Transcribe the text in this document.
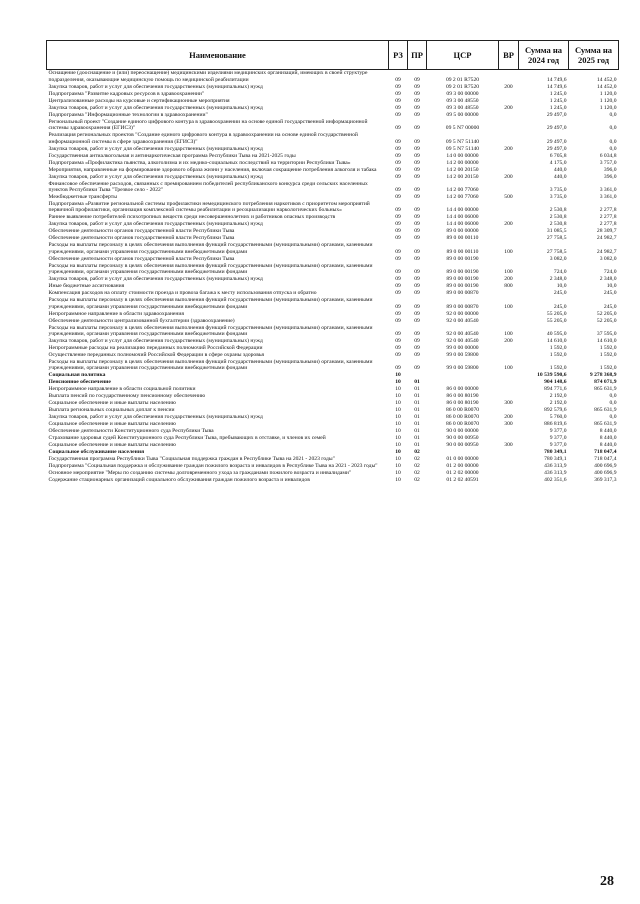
Наименование	РЗ	ПР	ЦСР	ВР	Сумма на 2024 год	Сумма на 2025 год
Оснащение (дооснащение и (или) переоснащение) медицинскими изделиями медицинских организаций, имеющих в своей структуре подразделения, оказывающие медицинскую помощь по медицинской реабилитации	09	09	09 2 01 R7520		14 749,6	14 452,0
Закупка товаров, работ и услуг для обеспечения государственных (муниципальных) нужд	09	09	09 2 01 R7520	200	14 749,6	14 452,0
Подпрограмма "Развитие кадровых ресурсов в здравоохранении"	09	09	09 3 00 00000		1 245,0	1 120,0
Централизованные расходы на курсовые и сертификационные мероприятия	09	09	09 3 00 48550		1 245,0	1 120,0
Закупка товаров, работ и услуг для обеспечения государственных (муниципальных) нужд	09	09	09 3 00 48550	200	1 245,0	1 120,0
Подпрограмма "Информационные технологии в здравоохранении"	09	09	09 5 00 00000		29 497,0	0,0
Региональный проект "Создание единого цифрового контура в здравоохранении на основе единой государственной информационной системы здравоохранения (ЕГИСЗ)"	09	09	09 5 N7 00000		29 497,0	0,0
Реализация региональных проектов "Создание единого цифрового контура в здравоохранении на основе единой государственной информационной системы в сфере здравоохранения (ЕГИСЗ)"	09	09	09 5 N7 51140		29 497,0	0,0
Закупка товаров, работ и услуг для обеспечения государственных (муниципальных) нужд	09	09	09 5 N7 51140	200	29 497,0	0,0
Государственная антиалкогольная и антинаркотическая программа Республики Тыва на 2021-2025 годы	09	09	14 0 00 00000		6 705,8	6 034,8
Подпрограмма «Профилактика пьянства, алкоголизма и их медико-социальных последствий на территории Республики Тыва»	09	09	14 2 00 00000		4 175,0	3 757,0
Мероприятия, направленные на формирование здорового образа жизни у населения, включая сокращение потребления алкоголя и табака	09	09	14 2 00 20150		440,0	396,0
Закупка товаров, работ и услуг для обеспечения государственных (муниципальных) нужд	09	09	14 2 00 20150	200	440,0	396,0
Финансовое обеспечение расходов, связанных с премированием победителей республиканского конкурса среди сельских населенных пунктов Республики Тыва "Трезвое село - 2022"	09	09	14 2 00 77060		3 735,0	3 361,0
Межбюджетные трансферты	09	09	14 2 00 77060	500	3 735,0	3 361,0
Подпрограмма «Развитие региональной системы профилактики немедицинского потребления наркотиков с приоритетом мероприятий первичной профилактики, организация комплексной системы реабилитации и ресоциализации наркологических больных»	09	09	14 4 00 00000		2 530,8	2 277,8
Раннее выявление потребителей психотропных веществ среди несовершеннолетних и работников опасных производств	09	09	14 4 00 06000		2 530,8	2 277,8
Закупка товаров, работ и услуг для обеспечения государственных (муниципальных) нужд	09	09	14 4 00 06000	200	2 530,8	2 277,8
Обеспечение деятельности органов государственной власти Республики Тыва	09	09	89 0 00 00000		31 085,5	28 309,7
Обеспечение деятельности органов государственной власти Республики Тыва	09	09	89 0 00 00110		27 758,5	24 982,7
Расходы на выплаты персоналу в целях обеспечения выполнения функций государственными (муниципальными) органами, казенными учреждениями, органами управления государственными внебюджетными фондами	09	09	89 0 00 00110	100	27 758,5	24 982,7
Обеспечение деятельности органов государственной власти Республики Тыва	09	09	89 0 00 00190		3 082,0	3 082,0
Расходы на выплаты персоналу в целях обеспечения выполнения функций государственными (муниципальными) органами, казенными учреждениями, органами управления государственными внебюджетными фондами	09	09	89 0 00 00190	100	724,0	724,0
Закупка товаров, работ и услуг для обеспечения государственных (муниципальных) нужд	09	09	89 0 00 00190	200	2 348,0	2 348,0
Иные бюджетные ассигнования	09	09	89 0 00 00190	800	10,0	10,0
Компенсация расходов на оплату стоимости проезда и провоза багажа к месту использования отпуска и обратно	09	09	89 0 00 00870		245,0	245,0
Расходы на выплаты персоналу в целях обеспечения выполнения функций государственными (муниципальными) органами, казенными учреждениями, органами управления государственными внебюджетными фондами	09	09	89 0 00 00870	100	245,0	245,0
Непрограммное направление в области здравоохранения	09	09	92 0 00 00000		55 205,0	52 205,0
Обеспечение деятельности централизованной бухгалтерии (здравоохранение)	09	09	92 0 00 40540		55 205,0	52 205,0
Расходы на выплаты персоналу в целях обеспечения выполнения функций государственными (муниципальными) органами, казенными учреждениями, органами управления государственными внебюджетными фондами	09	09	92 0 00 40540	100	40 595,0	37 595,0
Закупка товаров, работ и услуг для обеспечения государственных (муниципальных) нужд	09	09	92 0 00 40540	200	14 610,0	14 610,0
Непрограммные расходы на реализацию переданных полномочий Российской Федерации	09	09	99 0 00 00000		1 592,0	1 592,0
Осуществление переданных полномочий Российской Федерации в сфере охраны здоровья	09	09	99 0 00 59800		1 592,0	1 592,0
Расходы на выплаты персоналу в целях обеспечения выполнения функций государственными (муниципальными) органами, казенными учреждениями, органами управления государственными внебюджетными фондами	09	09	99 0 00 59800	100	1 592,0	1 592,0
Социальная политика	10				10 539 590,6	9 278 368,9
Пенсионное обеспечение	10	01			904 148,6	874 071,9
Непрограммное направление в области социальной политики	10	01	86 0 00 00000		894 771,6	865 631,9
Выплата пенсий по государственному пенсионному обеспечению	10	01	86 0 00 80190		2 192,0	0,0
Социальное обеспечение и иные выплаты населению	10	01	86 0 00 80190	300	2 192,0	0,0
Выплата региональных социальных доплат к пенсии	10	01	86 0 00 R0070		892 579,6	865 631,9
Закупка товаров, работ и услуг для обеспечения государственных (муниципальных) нужд	10	01	86 0 00 R0070	200	5 760,0	0,0
Социальное обеспечение и иные выплаты населению	10	01	86 0 00 R0070	300	886 819,6	865 631,9
Обеспечение деятельности Конституционного суда Республики Тыва	10	01	90 0 00 00000		9 377,0	8 440,0
Страхование здоровья судей Конституционного суда Республики Тыва, пребывающих в отставке, и членов их семей	10	01	90 0 00 00950		9 377,0	8 440,0
Социальное обеспечение и иные выплаты населению	10	01	90 0 00 00950	300	9 377,0	8 440,0
Социальное обслуживание населения	10	02			780 349,1	718 047,4
Государственная программа Республики Тыва "Социальная поддержка граждан в Республике Тыва на 2021 - 2023 годы"	10	02	01 0 00 00000		780 349,1	718 047,4
Подпрограмма "Социальная поддержка и обслуживание граждан пожилого возраста и инвалидов в Республике Тыва на 2021 - 2023 годы"	10	02	01 2 00 00000		436 313,9	400 696,9
Основное мероприятие "Меры по созданию системы долговременного ухода за гражданами пожилого возраста и инвалидами"	10	02	01 2 02 00000		436 313,9	400 696,9
Содержание стационарных организаций социального обслуживания граждан пожилого возраста и инвалидов	10	02	01 2 02 40591		402 351,6	369 317,3
28
